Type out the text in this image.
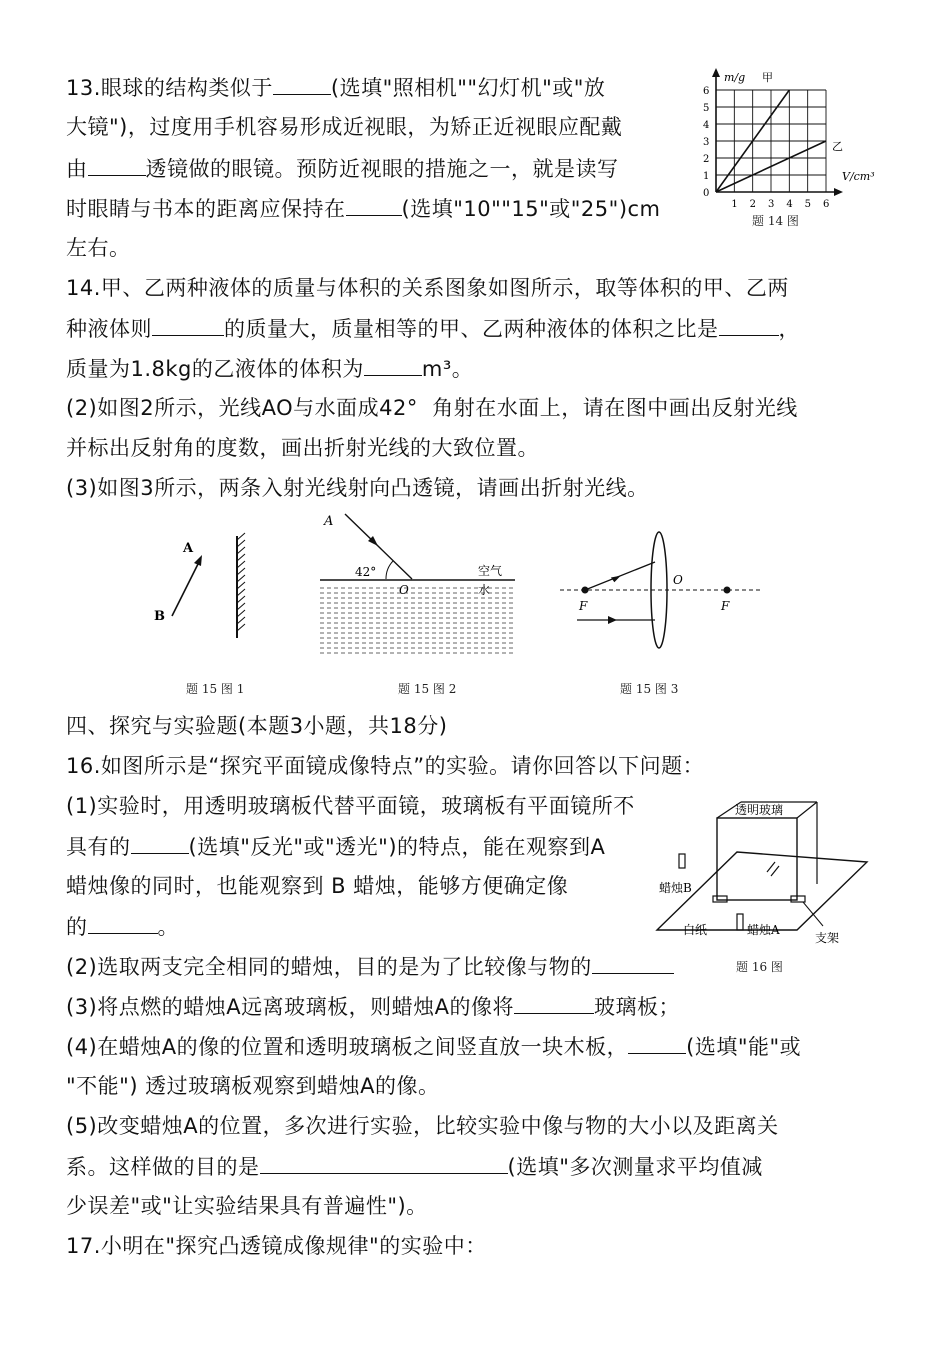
13.眼球的结构类似于	(选填"照相机""幻灯机"或"放
大镜")，过度用手机容易形成近视眼，为矫正近视眼应配戴
由	透镜做的眼镜。预防近视眼的措施之一，就是读写
时眼睛与书本的距离应保持在	(选填"10""15"或"25")cm
左右。
m/g 甲
乙
V/cm³
6
5
4
3
2
1
0
1 2 3 4 5 6
题 14 图
14.甲、乙两种液体的质量与体积的关系图象如图所示，取等体积的甲、乙两
种液体则	的质量大，质量相等的甲、乙两种液体的体积之比是	，
质量为1.8kg的乙液体的体积为	m³。
(2)如图2所示，光线AO与水面成42°  角射在水面上，请在图中画出反射光线
并标出反射角的度数，画出折射光线的大致位置。
(3)如图3所示，两条入射光线射向凸透镜，请画出折射光线。
A
B
题 15 图 1
A
42°
O
空气
水
题 15 图 2
F
O
F
题 15 图 3
四、探究与实验题(本题3小题，共18分)
16.如图所示是“探究平面镜成像特点”的实验。请你回答以下问题：
(1)实验时，用透明玻璃板代替平面镜，玻璃板有平面镜所不
具有的	(选填"反光"或"透光")的特点，能在观察到A
蜡烛像的同时，也能观察到 B 蜡烛，能够方便确定像
的	。
(2)选取两支完全相同的蜡烛，目的是为了比较像与物的
(3)将点燃的蜡烛A远离玻璃板，则蜡烛A的像将	玻璃板；
(4)在蜡烛A的像的位置和透明玻璃板之间竖直放一块木板，	(选填"能"或
"不能") 透过玻璃板观察到蜡烛A的像。
(5)改变蜡烛A的位置，多次进行实验，比较实验中像与物的大小以及距离关
系。这样做的目的是	(选填"多次测量求平均值减
少误差"或"让实验结果具有普遍性")。
透明玻璃
蜡烛B
白纸	蜡烛A
支架
题 16 图
17.小明在"探究凸透镜成像规律"的实验中：
